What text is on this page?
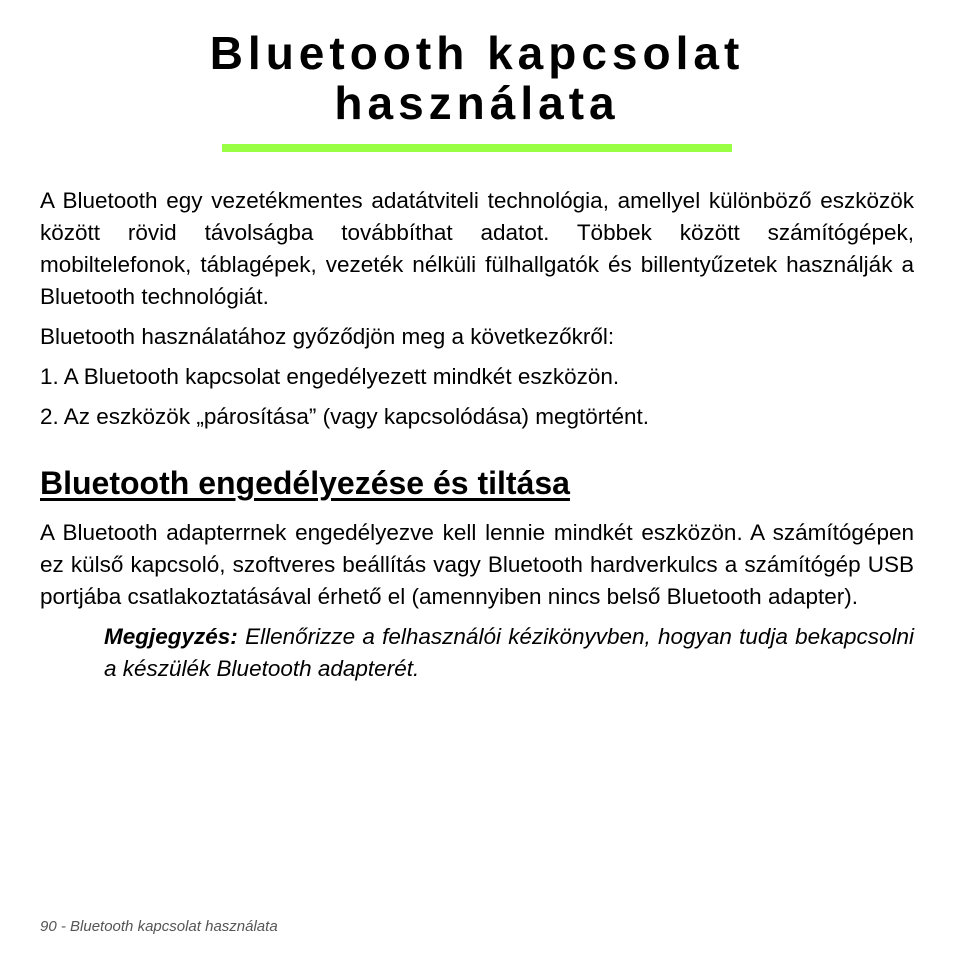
Bluetooth kapcsolat
használata

A Bluetooth egy vezetékmentes adatátviteli technológia, amellyel különböző eszközök között rövid távolságba továbbíthat adatot. Többek között számítógépek, mobiltelefonok, táblagépek, vezeték nélküli fülhallgatók és billentyűzetek használják a Bluetooth technológiát.

Bluetooth használatához győződjön meg a következőkről:

1. A Bluetooth kapcsolat engedélyezett mindkét eszközön.

2. Az eszközök „párosítása” (vagy kapcsolódása) megtörtént.

Bluetooth engedélyezése és tiltása

A Bluetooth adapterrnek engedélyezve kell lennie mindkét eszközön. A számítógépen ez külső kapcsoló, szoftveres beállítás vagy Bluetooth hardverkulcs a számítógép USB portjába csatlakoztatásával érhető el (amennyiben nincs belső Bluetooth adapter).

Megjegyzés: Ellenőrizze a felhasználói kézikönyvben, hogyan tudja bekapcsolni a készülék Bluetooth adapterét.

90 - Bluetooth kapcsolat használata
